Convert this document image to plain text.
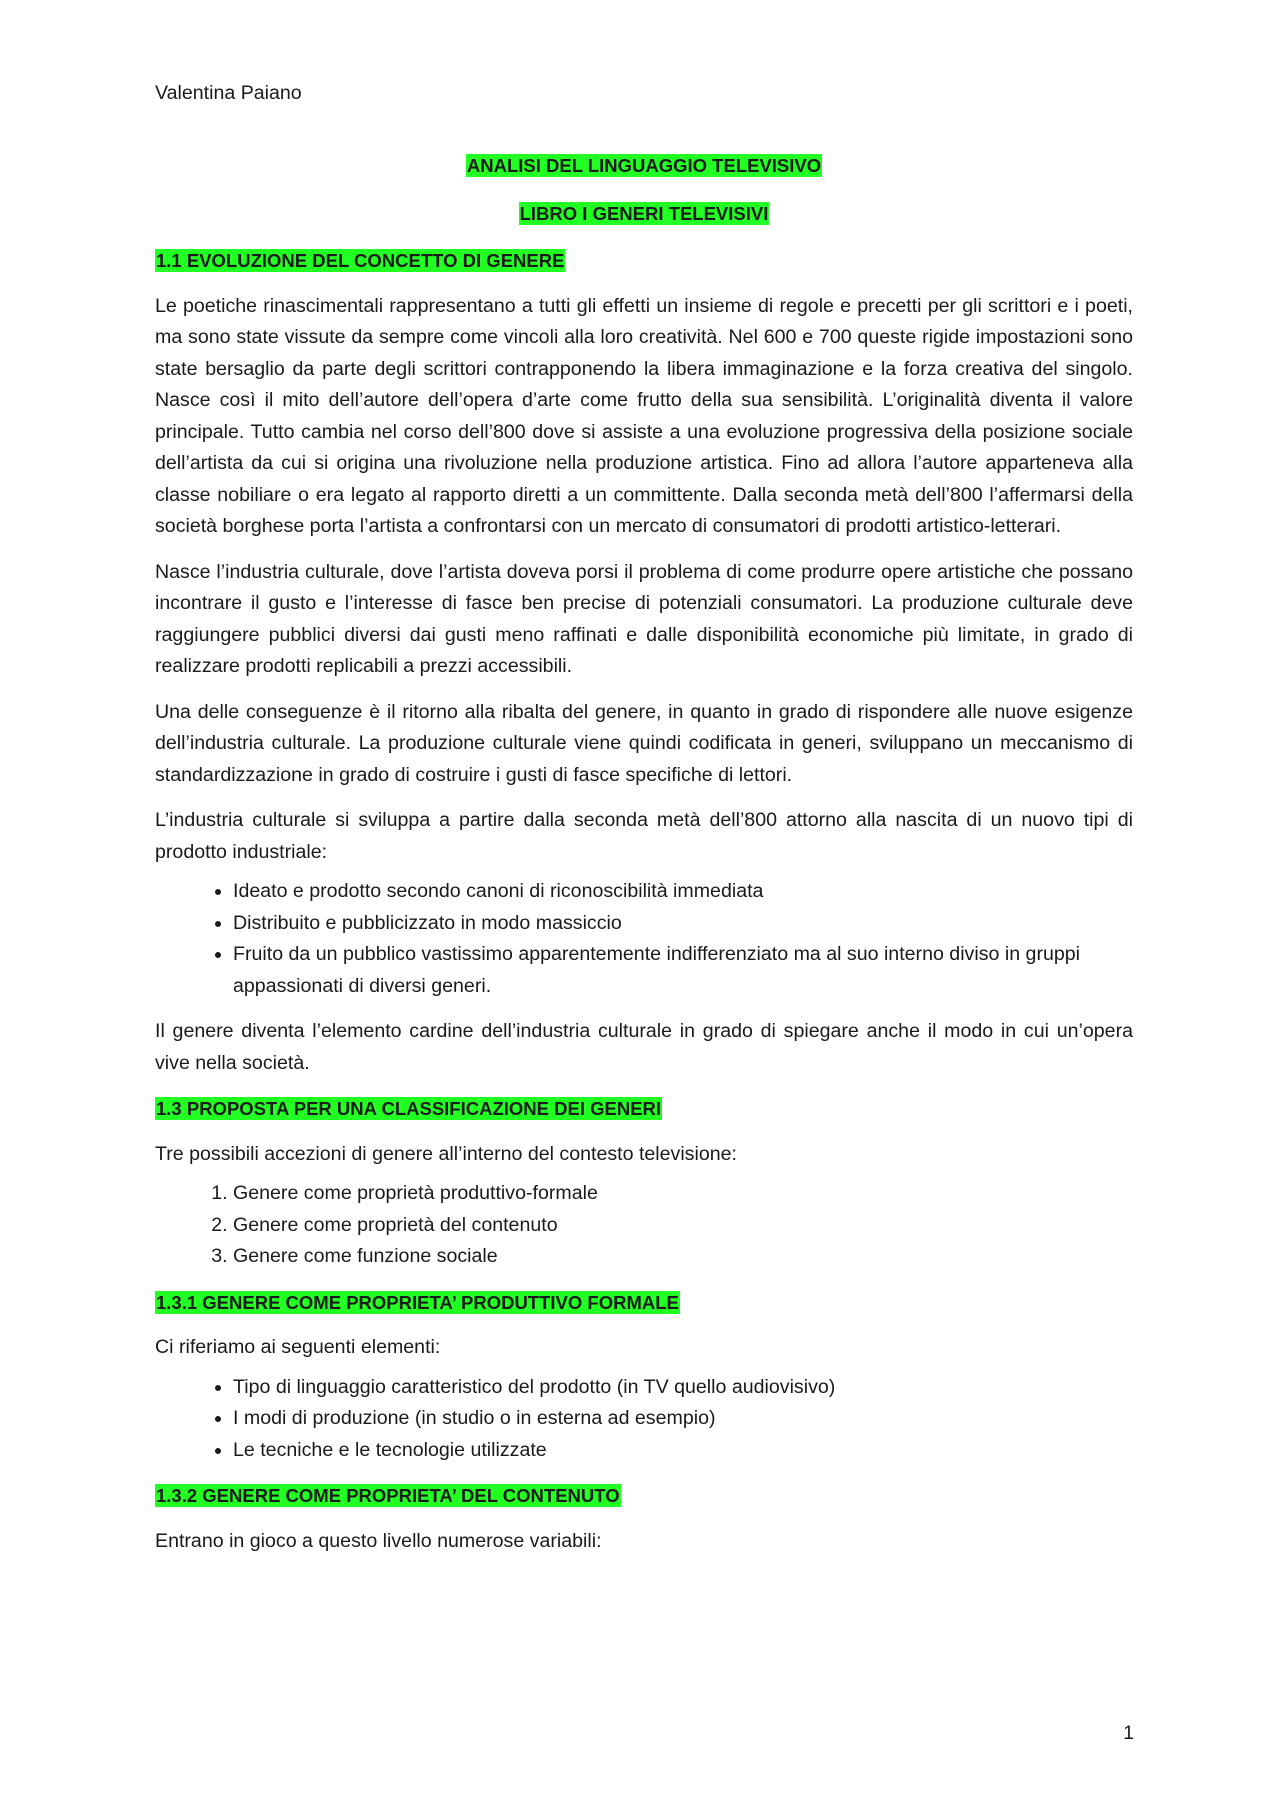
Valentina Paiano

ANALISI DEL LINGUAGGIO TELEVISIVO

LIBRO I GENERI TELEVISIVI

1.1 EVOLUZIONE DEL CONCETTO DI GENERE

Le poetiche rinascimentali rappresentano a tutti gli effetti un insieme di regole e precetti per gli scrittori e i poeti, ma sono state vissute da sempre come vincoli alla loro creatività. Nel 600 e 700 queste rigide impostazioni sono state bersaglio da parte degli scrittori contrapponendo la libera immaginazione e la forza creativa del singolo. Nasce così il mito dell’autore dell’opera d’arte come frutto della sua sensibilità. L’originalità diventa il valore principale. Tutto cambia nel corso dell’800 dove si assiste a una evoluzione progressiva della posizione sociale dell’artista da cui si origina una rivoluzione nella produzione artistica. Fino ad allora l’autore apparteneva alla classe nobiliare o era legato al rapporto diretti a un committente. Dalla seconda metà dell’800 l’affermarsi della società borghese porta l’artista a confrontarsi con un mercato di consumatori di prodotti artistico-letterari.

Nasce l’industria culturale, dove l’artista doveva porsi il problema di come produrre opere artistiche che possano incontrare il gusto e l’interesse di fasce ben precise di potenziali consumatori. La produzione culturale deve raggiungere pubblici diversi dai gusti meno raffinati e dalle disponibilità economiche più limitate, in grado di realizzare prodotti replicabili a prezzi accessibili.

Una delle conseguenze è il ritorno alla ribalta del genere, in quanto in grado di rispondere alle nuove esigenze dell’industria culturale. La produzione culturale viene quindi codificata in generi, sviluppano un meccanismo di standardizzazione in grado di costruire i gusti di fasce specifiche di lettori.

L’industria culturale si sviluppa a partire dalla seconda metà dell’800 attorno alla nascita di un nuovo tipi di prodotto industriale:

• Ideato e prodotto secondo canoni di riconoscibilità immediata
• Distribuito e pubblicizzato in modo massiccio
• Fruito da un pubblico vastissimo apparentemente indifferenziato ma al suo interno diviso in gruppi appassionati di diversi generi.

Il genere diventa l’elemento cardine dell’industria culturale in grado di spiegare anche il modo in cui un’opera vive nella società.

1.3 PROPOSTA PER UNA CLASSIFICAZIONE DEI GENERI

Tre possibili accezioni di genere all’interno del contesto televisione:

1. Genere come proprietà produttivo-formale
2. Genere come proprietà del contenuto
3. Genere come funzione sociale

1.3.1 GENERE COME PROPRIETA’ PRODUTTIVO FORMALE

Ci riferiamo ai seguenti elementi:

• Tipo di linguaggio caratteristico del prodotto (in TV quello audiovisivo)
• I modi di produzione (in studio o in esterna ad esempio)
• Le tecniche e le tecnologie utilizzate

1.3.2 GENERE COME PROPRIETA’ DEL CONTENUTO

Entrano in gioco a questo livello numerose variabili:

1
